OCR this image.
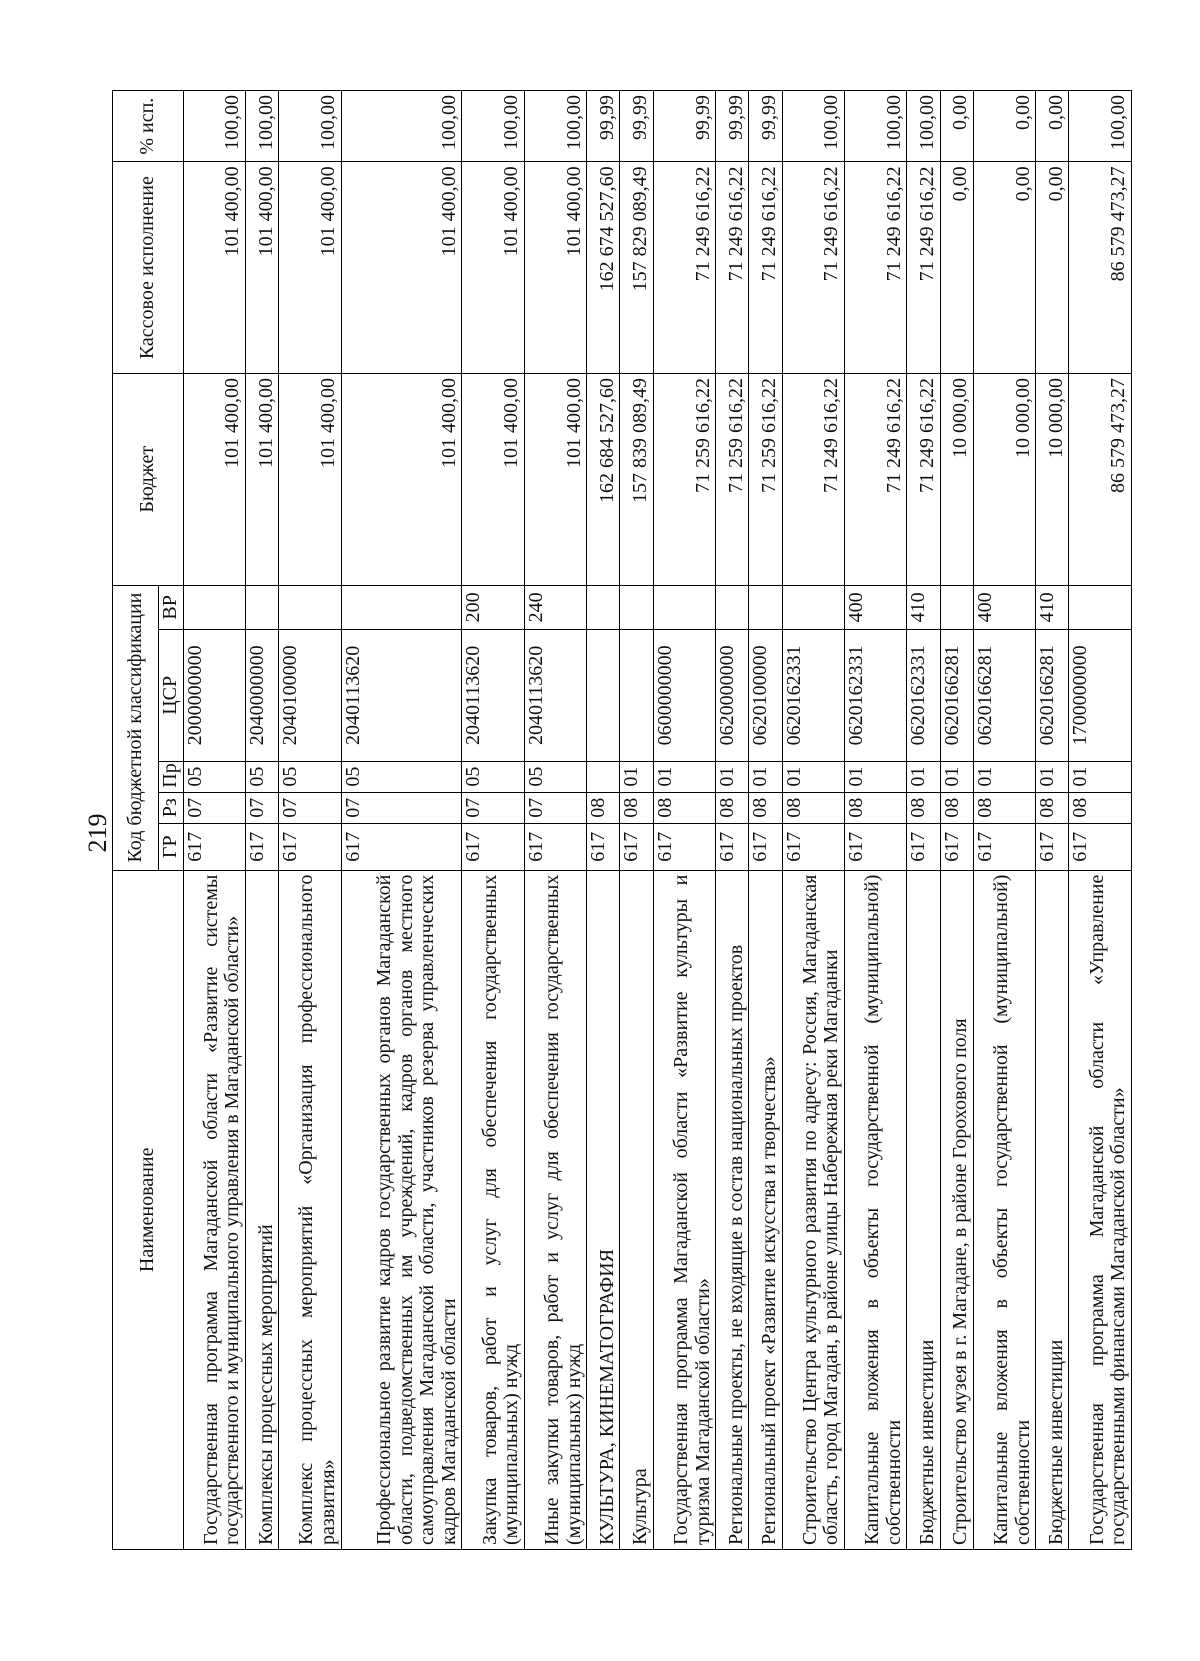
219
Наименование	Код бюджетной классификации					Бюджет	Кассовое исполнение	% исп.
	ГР	Рз	Пр	ЦСР	ВР			
Государственная программа Магаданской области «Развитие системы государственного и муниципального управления в Магаданской области»	617	07	05	2000000000		101 400,00	101 400,00	100,00
Комплексы процессных мероприятий	617	07	05	2040000000		101 400,00	101 400,00	100,00
Комплекс процессных мероприятий «Организация профессионального развития»	617	07	05	2040100000		101 400,00	101 400,00	100,00
Профессиональное развитие кадров государственных органов Магаданской области, подведомственных им учреждений, кадров органов местного самоуправления Магаданской области, участников резерва управленческих кадров Магаданской области	617	07	05	2040113620		101 400,00	101 400,00	100,00
Закупка товаров, работ и услуг для обеспечения государственных (муниципальных) нужд	617	07	05	2040113620	200	101 400,00	101 400,00	100,00
Иные закупки товаров, работ и услуг для обеспечения государственных (муниципальных) нужд	617	07	05	2040113620	240	101 400,00	101 400,00	100,00
КУЛЬТУРА, КИНЕМАТОГРАФИЯ	617	08				162 684 527,60	162 674 527,60	99,99
Культура	617	08	01			157 839 089,49	157 829 089,49	99,99
Государственная программа Магаданской области «Развитие культуры и туризма Магаданской области»	617	08	01	0600000000		71 259 616,22	71 249 616,22	99,99
Региональные проекты, не входящие в состав национальных проектов	617	08	01	0620000000		71 259 616,22	71 249 616,22	99,99
Региональный проект «Развитие искусства и творчества»	617	08	01	0620100000		71 259 616,22	71 249 616,22	99,99
Строительство Центра культурного развития по адресу: Россия, Магаданская область, город Магадан, в районе улицы Набережная реки Магаданки	617	08	01	0620162331		71 249 616,22	71 249 616,22	100,00
Капитальные вложения в объекты государственной (муниципальной) собственности	617	08	01	0620162331	400	71 249 616,22	71 249 616,22	100,00
Бюджетные инвестиции	617	08	01	0620162331	410	71 249 616,22	71 249 616,22	100,00
Строительство музея в г. Магадане, в районе Горохового поля	617	08	01	0620166281		10 000,00	0,00	0,00
Капитальные вложения в объекты государственной (муниципальной) собственности	617	08	01	0620166281	400	10 000,00	0,00	0,00
Бюджетные инвестиции	617	08	01	0620166281	410	10 000,00	0,00	0,00
Государственная программа Магаданской области «Управление государственными финансами Магаданской области»	617	08	01	1700000000		86 579 473,27	86 579 473,27	100,00
